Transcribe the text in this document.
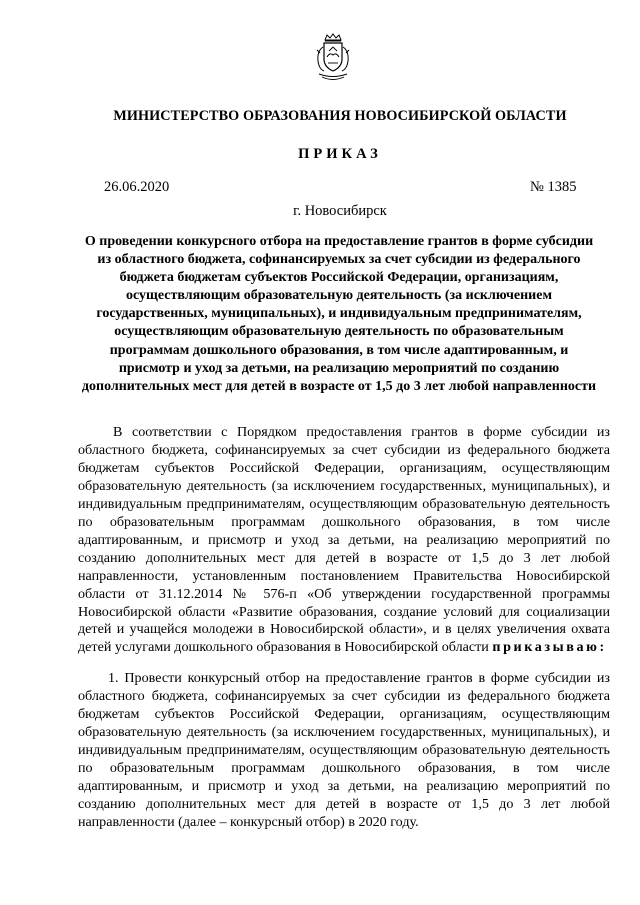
МИНИСТЕРСТВО ОБРАЗОВАНИЯ НОВОСИБИРСКОЙ ОБЛАСТИ
ПРИКАЗ
26.06.2020	№ 1385
г. Новосибирск
О проведении конкурсного отбора на предоставление грантов в форме субсидии из областного бюджета, софинансируемых за счет субсидии из федерального бюджета бюджетам субъектов Российской Федерации, организациям, осуществляющим образовательную деятельность (за исключением государственных, муниципальных), и индивидуальным предпринимателям, осуществляющим образовательную деятельность по образовательным программам дошкольного образования, в том числе адаптированным, и присмотр и уход за детьми, на реализацию мероприятий по созданию дополнительных мест для детей в возрасте от 1,5 до 3 лет любой направленности

В соответствии с Порядком предоставления грантов в форме субсидии из областного бюджета, софинансируемых за счет субсидии из федерального бюджета бюджетам субъектов Российской Федерации, организациям, осуществляющим образовательную деятельность (за исключением государственных, муниципальных), и индивидуальным предпринимателям, осуществляющим образовательную деятельность по образовательным программам дошкольного образования, в том числе адаптированным, и присмотр и уход за детьми, на реализацию мероприятий по созданию дополнительных мест для детей в возрасте от 1,5 до 3 лет любой направленности, установленным постановлением Правительства Новосибирской области от 31.12.2014 № 576-п «Об утверждении государственной программы Новосибирской области «Развитие образования, создание условий для социализации детей и учащейся молодежи в Новосибирской области», и в целях увеличения охвата детей услугами дошкольного образования в Новосибирской области приказываю:

1. Провести конкурсный отбор на предоставление грантов в форме субсидии из областного бюджета, софинансируемых за счет субсидии из федерального бюджета бюджетам субъектов Российской Федерации, организациям, осуществляющим образовательную деятельность (за исключением государственных, муниципальных), и индивидуальным предпринимателям, осуществляющим образовательную деятельность по образовательным программам дошкольного образования, в том числе адаптированным, и присмотр и уход за детьми, на реализацию мероприятий по созданию дополнительных мест для детей в возрасте от 1,5 до 3 лет любой направленности (далее – конкурсный отбор) в 2020 году.
